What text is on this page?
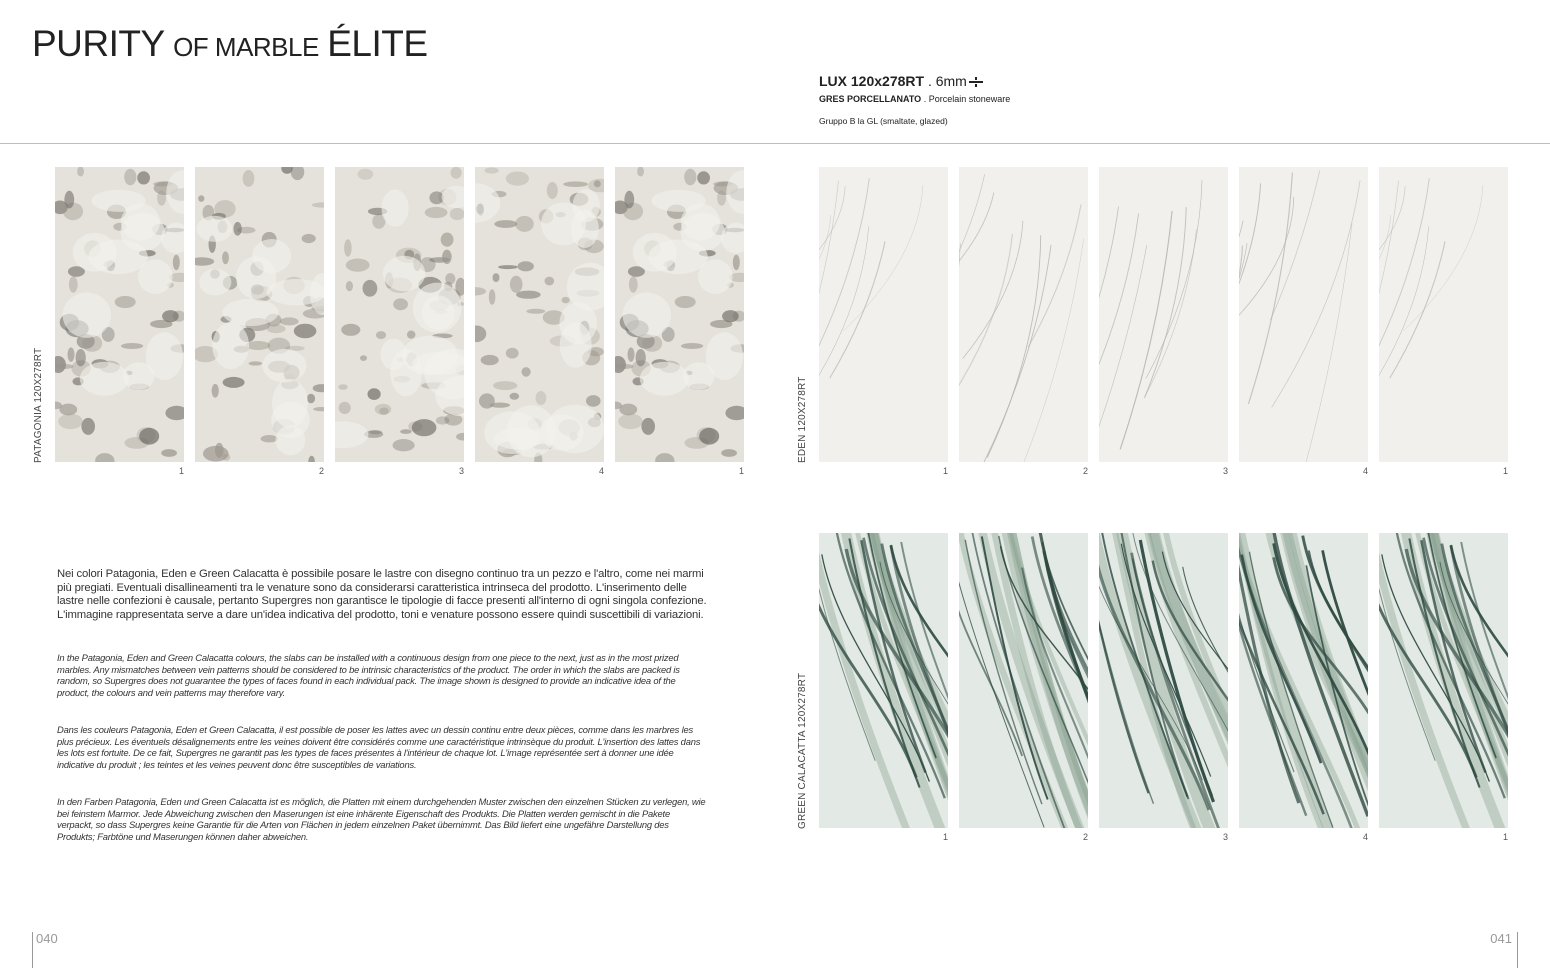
PURITY OF MARBLE ÉLITE
LUX 120x278RT . 6mm
GRES PORCELLANATO . Porcelain stoneware
Gruppo B la GL (smaltate, glazed)
PATAGONIA 120X278RT	EDEN 120X278RT
GREEN CALACATTA 120X278RT
1	2	3	4	1	1	2	3	4	1
1	2	3	4	1
Nei colori Patagonia, Eden e Green Calacatta è possibile posare le lastre con disegno continuo tra un pezzo e l'altro, come nei marmi più pregiati. Eventuali disallineamenti tra le venature sono da considerarsi caratteristica intrinseca del prodotto. L'inserimento delle lastre nelle confezioni è causale, pertanto Supergres non garantisce le tipologie di facce presenti all'interno di ogni singola confezione. L'immagine rappresentata serve a dare un'idea indicativa del prodotto, toni e venature possono essere quindi suscettibili di variazioni.
In the Patagonia, Eden and Green Calacatta colours, the slabs can be installed with a continuous design from one piece to the next, just as in the most prized marbles. Any mismatches between vein patterns should be considered to be intrinsic characteristics of the product. The order in which the slabs are packed is random, so Supergres does not guarantee the types of faces found in each individual pack. The image shown is designed to provide an indicative idea of the product, the colours and vein patterns may therefore vary.
Dans les couleurs Patagonia, Eden et Green Calacatta, il est possible de poser les lattes avec un dessin continu entre deux pièces, comme dans les marbres les plus précieux. Les éventuels désalignements entre les veines doivent être considérés comme une caractéristique intrinsèque du produit. L'insertion des lattes dans les lots est fortuite. De ce fait, Supergres ne garantit pas les types de faces présentes à l'intérieur de chaque lot. L'image représentée sert à donner une idée indicative du produit ; les teintes et les veines peuvent donc être susceptibles de variations.
In den Farben Patagonia, Eden und Green Calacatta ist es möglich, die Platten mit einem durchgehenden Muster zwischen den einzelnen Stücken zu verlegen, wie bei feinstem Marmor. Jede Abweichung zwischen den Maserungen ist eine inhärente Eigenschaft des Produkts. Die Platten werden gemischt in die Pakete verpackt, so dass Supergres keine Garantie für die Arten von Flächen in jedem einzelnen Paket übernimmt. Das Bild liefert eine ungefähre Darstellung des Produkts; Farbtöne und Maserungen können daher abweichen.
040	041
